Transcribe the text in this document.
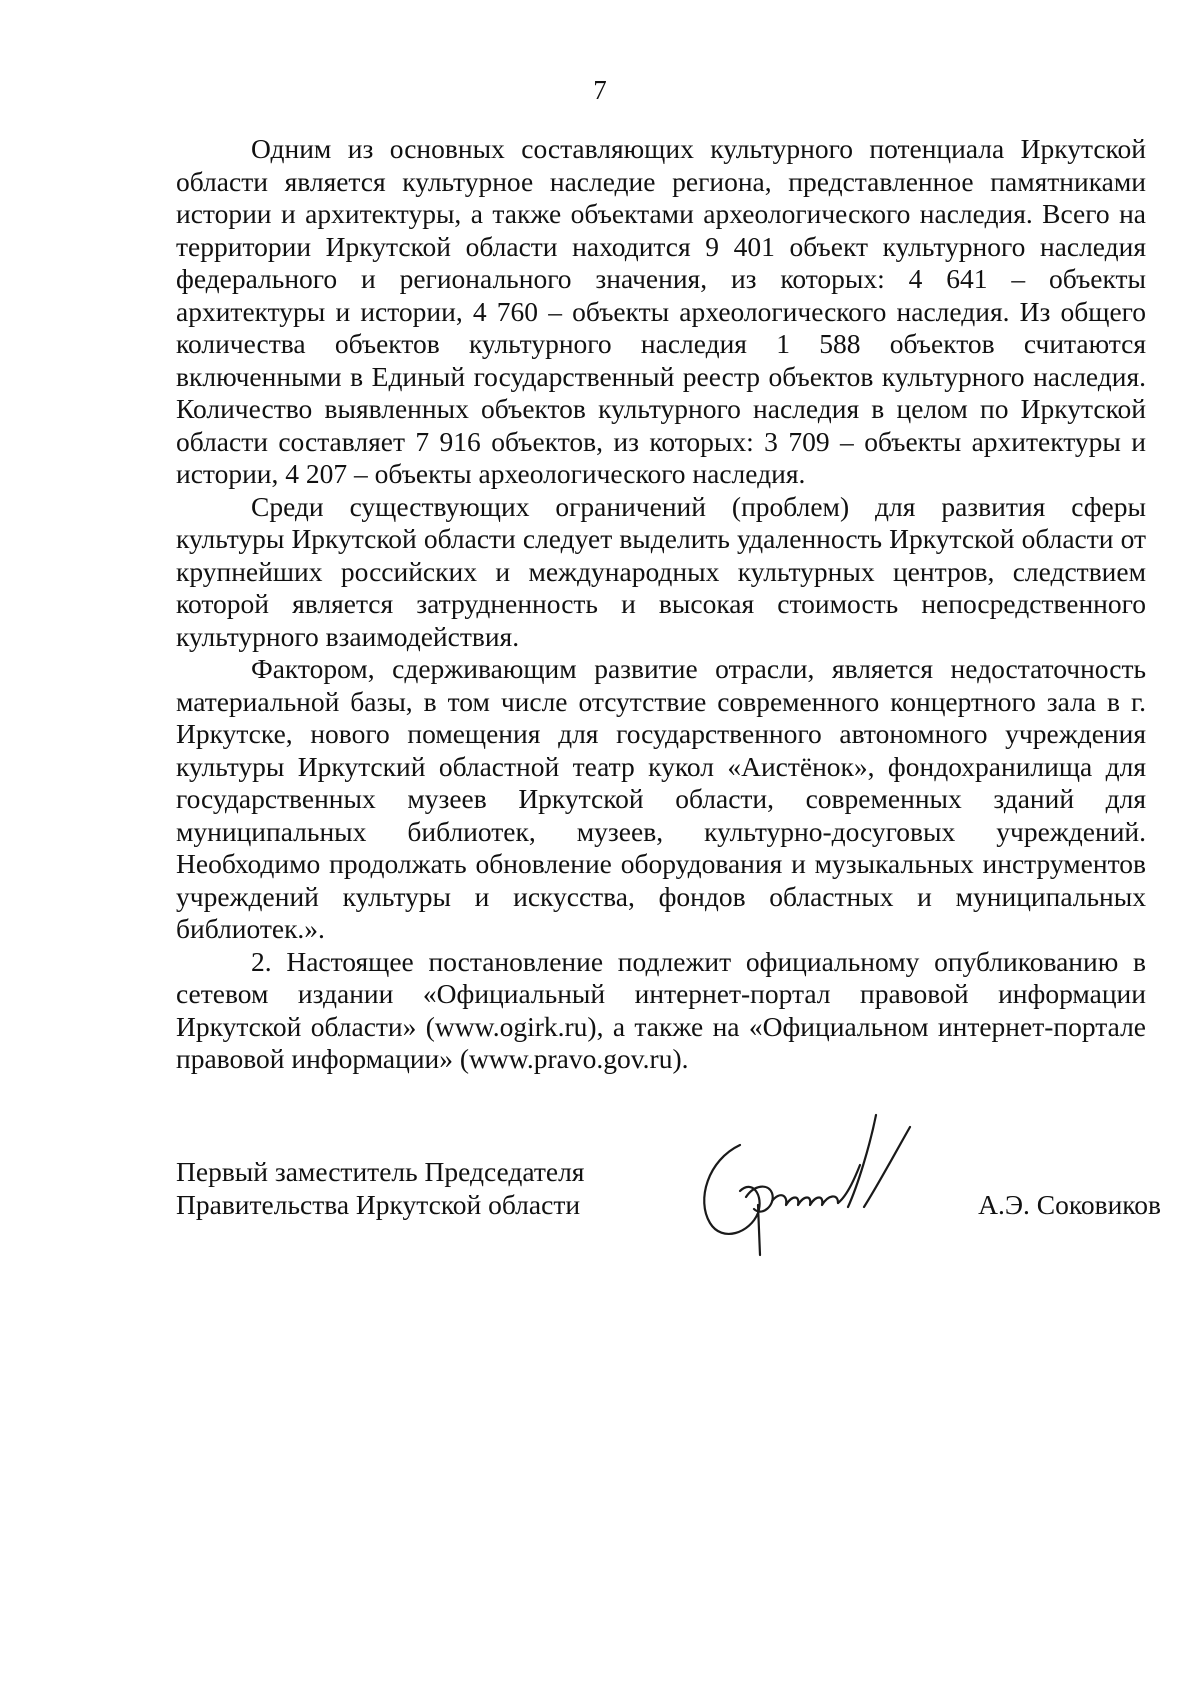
7

Одним из основных составляющих культурного потенциала Иркутской области является культурное наследие региона, представленное памятниками истории и архитектуры, а также объектами археологического наследия. Всего на территории Иркутской области находится 9 401 объект культурного наследия федерального и регионального значения, из которых: 4 641 – объекты архитектуры и истории, 4 760 – объекты археологического наследия. Из общего количества объектов культурного наследия 1 588 объектов считаются включенными в Единый государственный реестр объектов культурного наследия. Количество выявленных объектов культурного наследия в целом по Иркутской области составляет 7 916 объектов, из которых: 3 709 – объекты архитектуры и истории, 4 207 – объекты археологического наследия.

Среди существующих ограничений (проблем) для развития сферы культуры Иркутской области следует выделить удаленность Иркутской области от крупнейших российских и международных культурных центров, следствием которой является затрудненность и высокая стоимость непосредственного культурного взаимодействия.

Фактором, сдерживающим развитие отрасли, является недостаточность материальной базы, в том числе отсутствие современного концертного зала в г. Иркутске, нового помещения для государственного автономного учреждения культуры Иркутский областной театр кукол «Аистёнок», фондохранилища для государственных музеев Иркутской области, современных зданий для муниципальных библиотек, музеев, культурно-досуговых учреждений. Необходимо продолжать обновление оборудования и музыкальных инструментов учреждений культуры и искусства, фондов областных и муниципальных библиотек.».

2. Настоящее постановление подлежит официальному опубликованию в сетевом издании «Официальный интернет-портал правовой информации Иркутской области» (www.ogirk.ru), а также на «Официальном интернет-портале правовой информации» (www.pravo.gov.ru).

Первый заместитель Председателя
Правительства Иркутской области	А.Э. Соковиков
